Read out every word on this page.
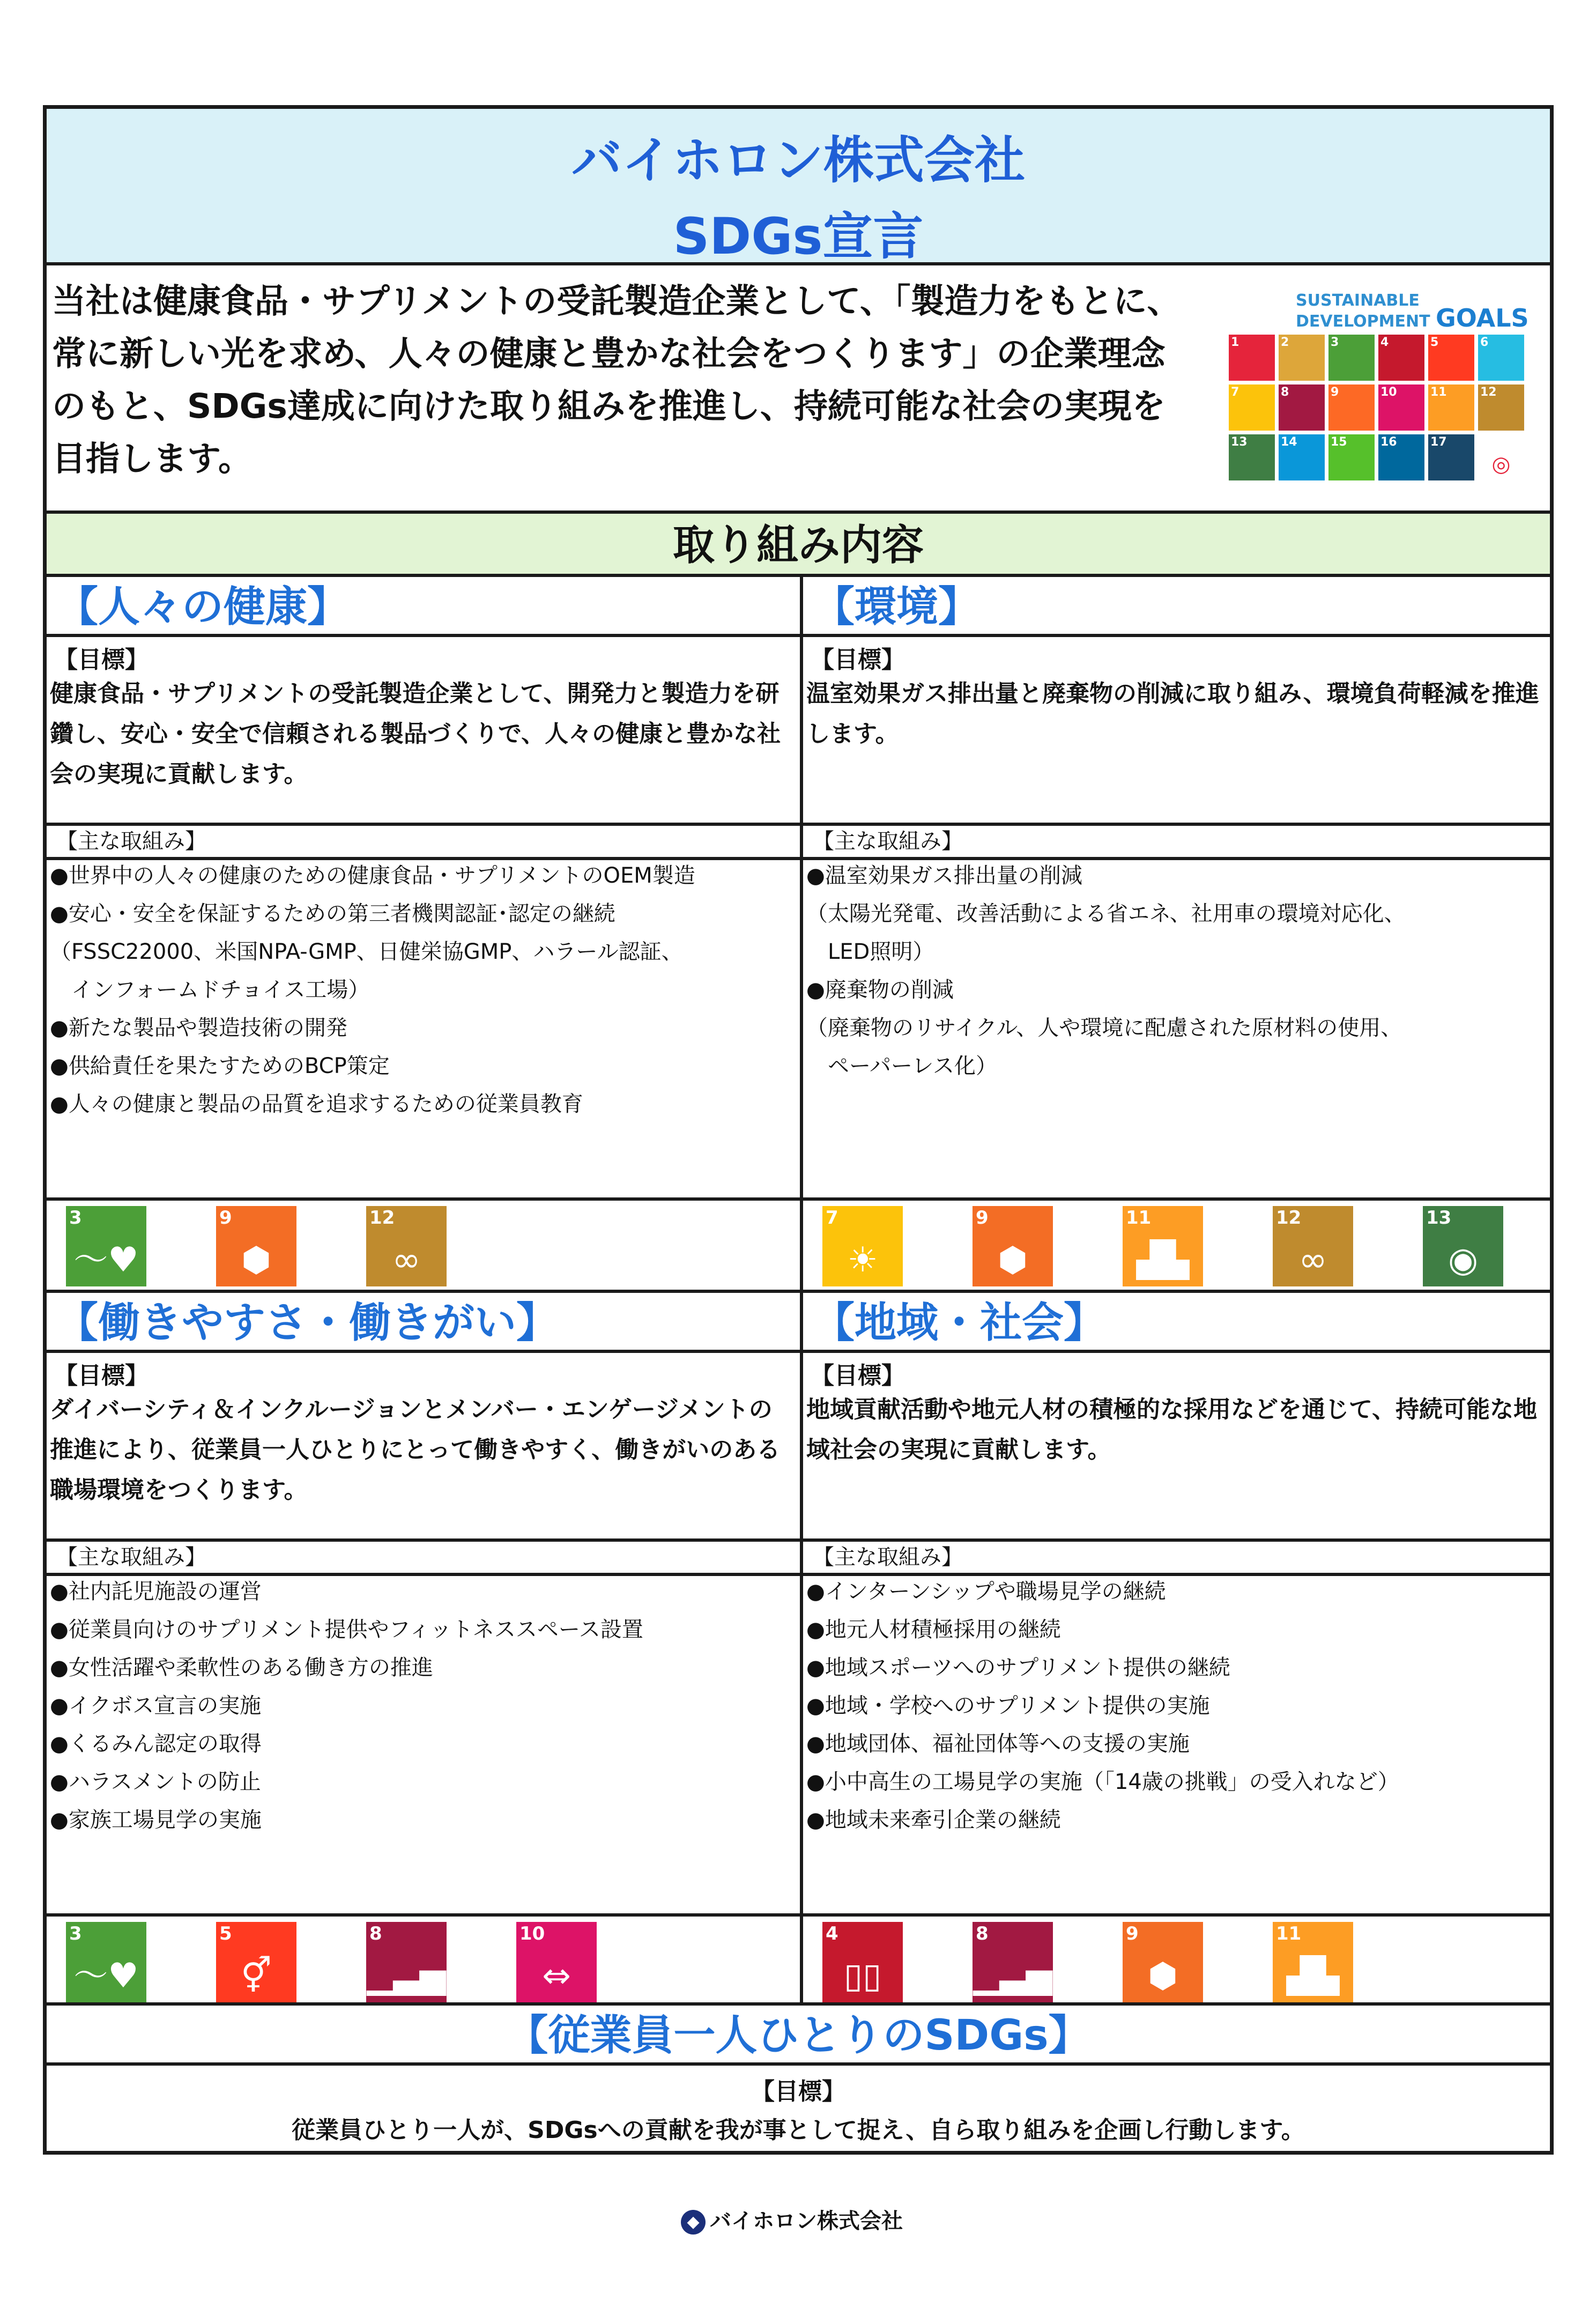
バイホロン株式会社
SDGs宣言
当社は健康食品・サプリメントの受託製造企業として、「製造力をもとに、常に新しい光を求め、人々の健康と豊かな社会をつくります」の企業理念のもと、SDGs達成に向けた取り組みを推進し、持続可能な社会の実現を目指します。
SUSTAINABLE
DEVELOPMENT GOALS
1	2	3	4	5	6
7	8	9	10	11	12
13	14	15	16	17
◎
取り組み内容
【人々の健康】
【目標】
健康食品・サプリメントの受託製造企業として、開発力と製造力を研鑽し、安心・安全で信頼される製品づくりで、人々の健康と豊かな社会の実現に貢献します。
【主な取組み】
●世界中の人々の健康のための健康食品・サプリメントのOEM製造
●安心・安全を保証するための第三者機関認証･認定の継続
（FSSC22000、米国NPA-GMP、日健栄協GMP、ハラール認証、
　インフォームドチョイス工場）
●新たな製品や製造技術の開発
●供給責任を果たすためのBCP策定
●人々の健康と製品の品質を追求するための従業員教育
3
～♥
9
⬢
12
∞
【環境】
【目標】
温室効果ガス排出量と廃棄物の削減に取り組み、環境負荷軽減を推進します。
【主な取組み】
●温室効果ガス排出量の削減
（太陽光発電、改善活動による省エネ、社用車の環境対応化、
　LED照明）
●廃棄物の削減
（廃棄物のリサイクル、人や環境に配慮された原材料の使用、
　ペーパーレス化）
7
☀
9
⬢
11
▟▙
12
∞
13
◉
【働きやすさ・働きがい】
【目標】
ダイバーシティ＆インクルージョンとメンバー・エンゲージメントの推進により、従業員一人ひとりにとって働きやすく、働きがいのある職場環境をつくります。
【主な取組み】
●社内託児施設の運営
●従業員向けのサプリメント提供やフィットネススペース設置
●女性活躍や柔軟性のある働き方の推進
●イクボス宣言の実施
●くるみん認定の取得
●ハラスメントの防止
●家族工場見学の実施
3
～♥
5
⚥
8
▁▃▅
10
⇔
【地域・社会】
【目標】
地域貢献活動や地元人材の積極的な採用などを通じて、持続可能な地域社会の実現に貢献します。
【主な取組み】
●インターンシップや職場見学の継続
●地元人材積極採用の継続
●地域スポーツへのサプリメント提供の継続
●地域・学校へのサプリメント提供の実施
●地域団体、福祉団体等への支援の実施
●小中高生の工場見学の実施（「14歳の挑戦」の受入れなど）
●地域未来牽引企業の継続
4
▯▯
8
▁▃▅
9
⬢
11
▟▙
【従業員一人ひとりのSDGs】
【目標】
従業員ひとり一人が、SDGsへの貢献を我が事として捉え、自ら取り組みを企画し行動します。
◆ バイホロン株式会社
